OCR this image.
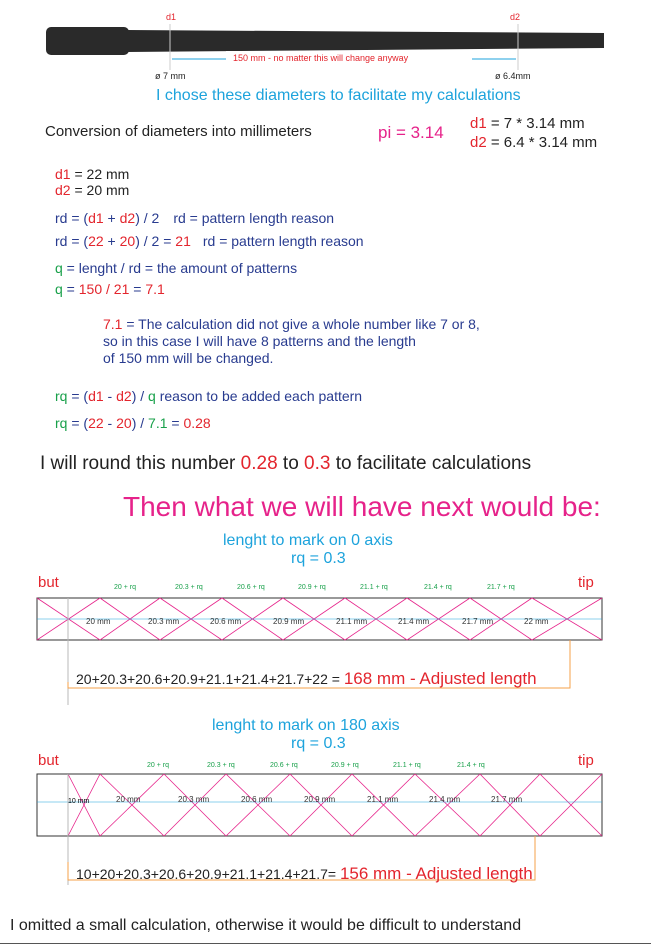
d1	d2
150 mm - no matter this will change anyway
ø 7 mm	ø 6.4mm
I chose these diameters to facilitate my calculations
Conversion of diameters into millimeters	pi = 3.14 d1 = 7 * 3.14 mm
d2 = 6.4 * 3.14 mm
d1 = 22 mm
d2 = 20 mm
rd = (d1 + d2) / 2 rd = pattern length reason
rd = (22 + 20) / 2 = 21 rd = pattern length reason
q = lenght / rd = the amount of patterns
q = 150 / 21 = 7.1
7.1 = The calculation did not give a whole number like 7 or 8,
so in this case I will have 8 patterns and the length
of 150 mm will be changed.
rq = (d1 - d2) / q reason to be added each pattern
rq = (22 - 20) / 7.1 = 0.28
I will round this number 0.28 to 0.3 to facilitate calculations
Then what we will have next would be:
lenght to mark on 0 axis
rq = 0.3
but	tip
20+20.3+20.6+20.9+21.1+21.4+21.7+22 = 168 mm - Adjusted length
lenght to mark on 180 axis
rq = 0.3
but	tip
10+20+20.3+20.6+20.9+21.1+21.4+21.7= 156 mm - Adjusted length
I omitted a small calculation, otherwise it would be difficult to understand
20 + rq	20.3 + rq	20.6 + rq	20.9 + rq	21.1 + rq	21.4 + rq	21.7 + rq
20 mm	20.3 mm	20.6 mm	20.9 mm	21.1 mm	21.4 mm	21.7 mm	22 mm
20 + rq	20.3 + rq	20.6 + rq	20.9 + rq	21.1 + rq	21.4 + rq
10 mm	20 mm	20.3 mm	20.6 mm	20.9 mm	21.1 mm	21.4 mm	21.7 mm
